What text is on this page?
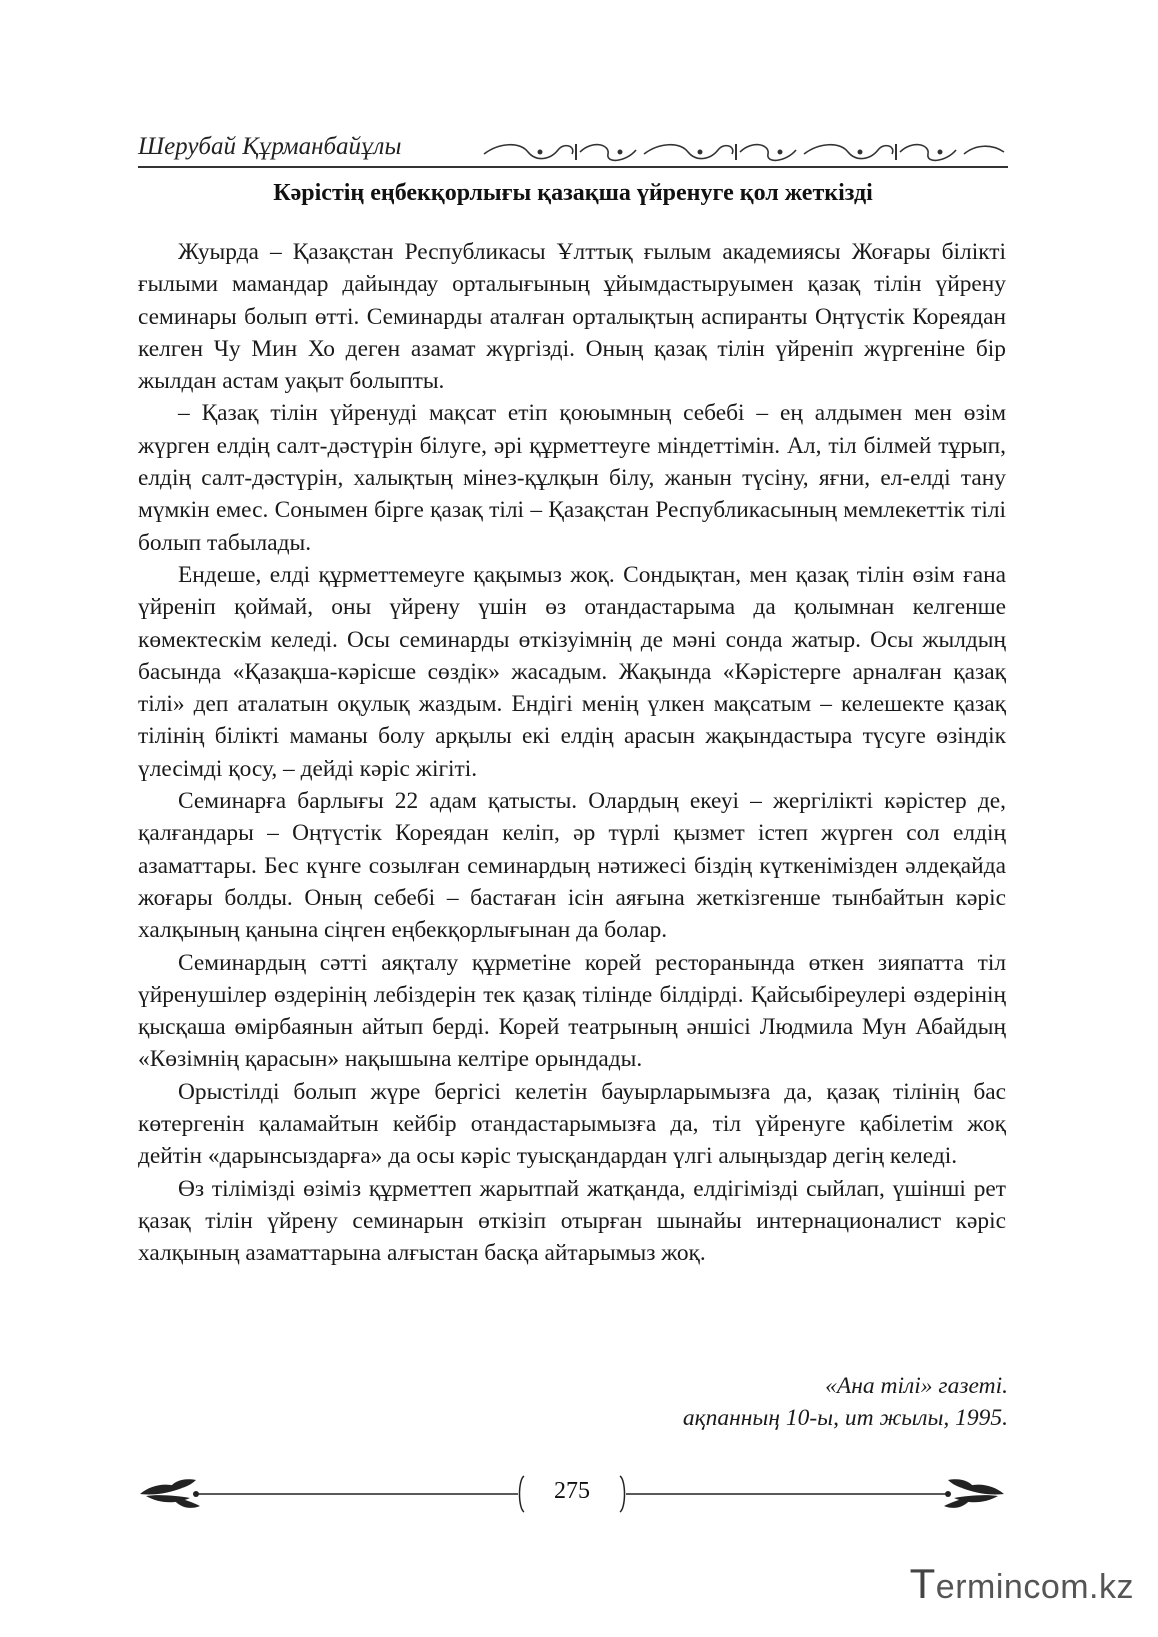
Шерубай Құрманбайұлы
Кәрістің еңбекқорлығы қазақша үйренуге қол жеткізді

Жуырда – Қазақстан Республикасы Ұлттық ғылым академиясы Жоғары білікті ғылыми мамандар дайындау орталығының ұйымдастыруымен қазақ тілін үйрену семинары болып өтті. Семинарды аталған орталықтың аспиранты Оңтүстік Кореядан келген Чу Мин Хо деген азамат жүргізді. Оның қазақ тілін үйреніп жүргеніне бір жылдан астам уақыт болыпты.

– Қазақ тілін үйренуді мақсат етіп қоюымның себебі – ең алдымен мен өзім жүрген елдің салт-дәстүрін білуге, әрі құрметтеуге міндеттімін. Ал, тіл білмей тұрып, елдің салт-дәстүрін, халықтың мінез-құлқын білу, жанын түсіну, яғни, ел-елді тану мүмкін емес. Сонымен бірге қазақ тілі – Қазақстан Республикасының мемлекеттік тілі болып табылады.

Ендеше, елді құрметтемеуге қақымыз жоқ. Сондықтан, мен қазақ тілін өзім ғана үйреніп қоймай, оны үйрену үшін өз отандастарыма да қолымнан келгенше көмектескім келеді. Осы семинарды өткізуімнің де мәні сонда жатыр. Осы жылдың басында «Қазақша-кәрісше сөздік» жасадым. Жақында «Кәрістерге арналған қазақ тілі» деп аталатын оқулық жаздым. Ендігі менің үлкен мақсатым – келешекте қазақ тілінің білікті маманы болу арқылы екі елдің арасын жақындастыра түсуге өзіндік үлесімді қосу, – дейді кәріс жігіті.

Семинарға барлығы 22 адам қатысты. Олардың екеуі – жергілікті кәрістер де, қалғандары – Оңтүстік Кореядан келіп, әр түрлі қызмет істеп жүрген сол елдің азаматтары. Бес күнге созылған семинардың нәтижесі біздің күткенімізден әлдеқайда жоғары болды. Оның себебі – бастаған ісін аяғына жеткізгенше тынбайтын кәріс халқының қанына сіңген еңбекқорлығынан да болар.

Семинардың сәтті аяқталу құрметіне корей ресторанында өткен зияпатта тіл үйренушілер өздерінің лебіздерін тек қазақ тілінде білдірді. Қайсыбіреулері өздерінің қысқаша өмірбаянын айтып берді. Корей театрының әншісі Людмила Мун Абайдың «Көзімнің қарасын» нақышына келтіре орындады.

Орыстілді болып жүре бергісі келетін бауырларымызға да, қазақ тілінің бас көтергенін қаламайтын кейбір отандастарымызға да, тіл үйренуге қабілетім жоқ дейтін «дарынсыздарға» да осы кәріс туысқандардан үлгі алыңыздар дегің келеді.

Өз тілімізді өзіміз құрметтеп жарытпай жатқанда, елдігімізді сыйлап, үшінші рет қазақ тілін үйрену семинарын өткізіп отырған шынайы интернационалист кәріс халқының азаматтарына алғыстан басқа айтарымыз жоқ.

«Ана тілі» газеті.
ақпанның 10-ы, ит жылы, 1995.
275
Termincom.kz
